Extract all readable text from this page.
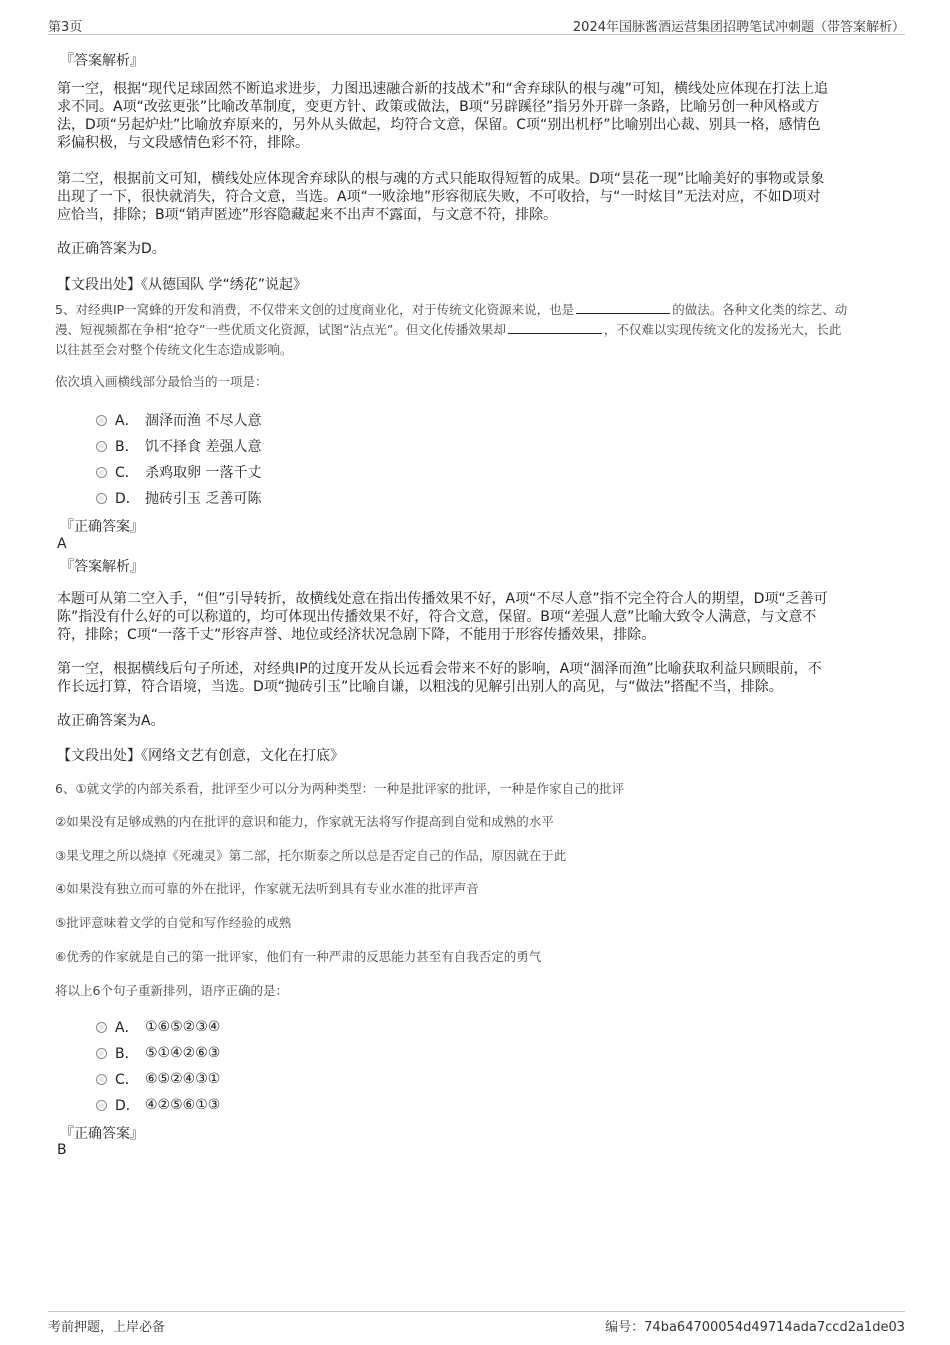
第3页	2024年国脉酱酒运营集团招聘笔试冲刺题（带答案解析）
『答案解析』
第一空，根据“现代足球固然不断追求进步，力图迅速融合新的技战术”和“舍弃球队的根与魂”可知，横线处应体现在打法上追
求不同。A项“改弦更张”比喻改革制度，变更方针、政策或做法，B项“另辟蹊径”指另外开辟一条路，比喻另创一种风格或方
法，D项“另起炉灶”比喻放弃原来的，另外从头做起，均符合文意，保留。C项“别出机杼”比喻别出心裁、别具一格，感情色
彩偏积极，与文段感情色彩不符，排除。
第二空，根据前文可知，横线处应体现舍弃球队的根与魂的方式只能取得短暂的成果。D项“昙花一现”比喻美好的事物或景象
出现了一下，很快就消失，符合文意，当选。A项“一败涂地”形容彻底失败，不可收拾，与“一时炫目”无法对应，不如D项对
应恰当，排除；B项“销声匿迹”形容隐藏起来不出声不露面，与文意不符，排除。
故正确答案为D。
【文段出处】《从德国队 学“绣花”说起》
5、对经典IP一窝蜂的开发和消费，不仅带来文创的过度商业化，对于传统文化资源来说，也是	的做法。各种文化类的综艺、动
漫、短视频都在争相“抢夺”一些优质文化资源，试图“沾点光”。但文化传播效果却	，不仅难以实现传统文化的发扬光大，长此
以往甚至会对整个传统文化生态造成影响。
依次填入画横线部分最恰当的一项是：
A． 涸泽而渔 不尽人意
B． 饥不择食 差强人意
C． 杀鸡取卵 一落千丈
D． 抛砖引玉 乏善可陈
『正确答案』
A
『答案解析』
本题可从第二空入手，“但”引导转折，故横线处意在指出传播效果不好，A项“不尽人意”指不完全符合人的期望，D项“乏善可
陈”指没有什么好的可以称道的，均可体现出传播效果不好，符合文意，保留。B项“差强人意”比喻大致令人满意，与文意不
符，排除；C项“一落千丈”形容声誉、地位或经济状况急剧下降，不能用于形容传播效果，排除。
第一空，根据横线后句子所述，对经典IP的过度开发从长远看会带来不好的影响，A项“涸泽而渔”比喻获取利益只顾眼前，不
作长远打算，符合语境，当选。D项“抛砖引玉”比喻自谦，以粗浅的见解引出别人的高见，与“做法”搭配不当，排除。
故正确答案为A。
【文段出处】《网络文艺有创意，文化在打底》
6、①就文学的内部关系看，批评至少可以分为两种类型：一种是批评家的批评，一种是作家自己的批评
②如果没有足够成熟的内在批评的意识和能力，作家就无法将写作提高到自觉和成熟的水平
③果戈理之所以烧掉《死魂灵》第二部，托尔斯泰之所以总是否定自己的作品，原因就在于此
④如果没有独立而可靠的外在批评，作家就无法听到具有专业水准的批评声音
⑤批评意味着文学的自觉和写作经验的成熟
⑥优秀的作家就是自己的第一批评家，他们有一种严肃的反思能力甚至有自我否定的勇气
将以上6个句子重新排列，语序正确的是：
A． ①⑥⑤②③④
B． ⑤①④②⑥③
C． ⑥⑤②④③①
D． ④②⑤⑥①③
『正确答案』
B
考前押题，上岸必备	编号：74ba64700054d49714ada7ccd2a1de03
